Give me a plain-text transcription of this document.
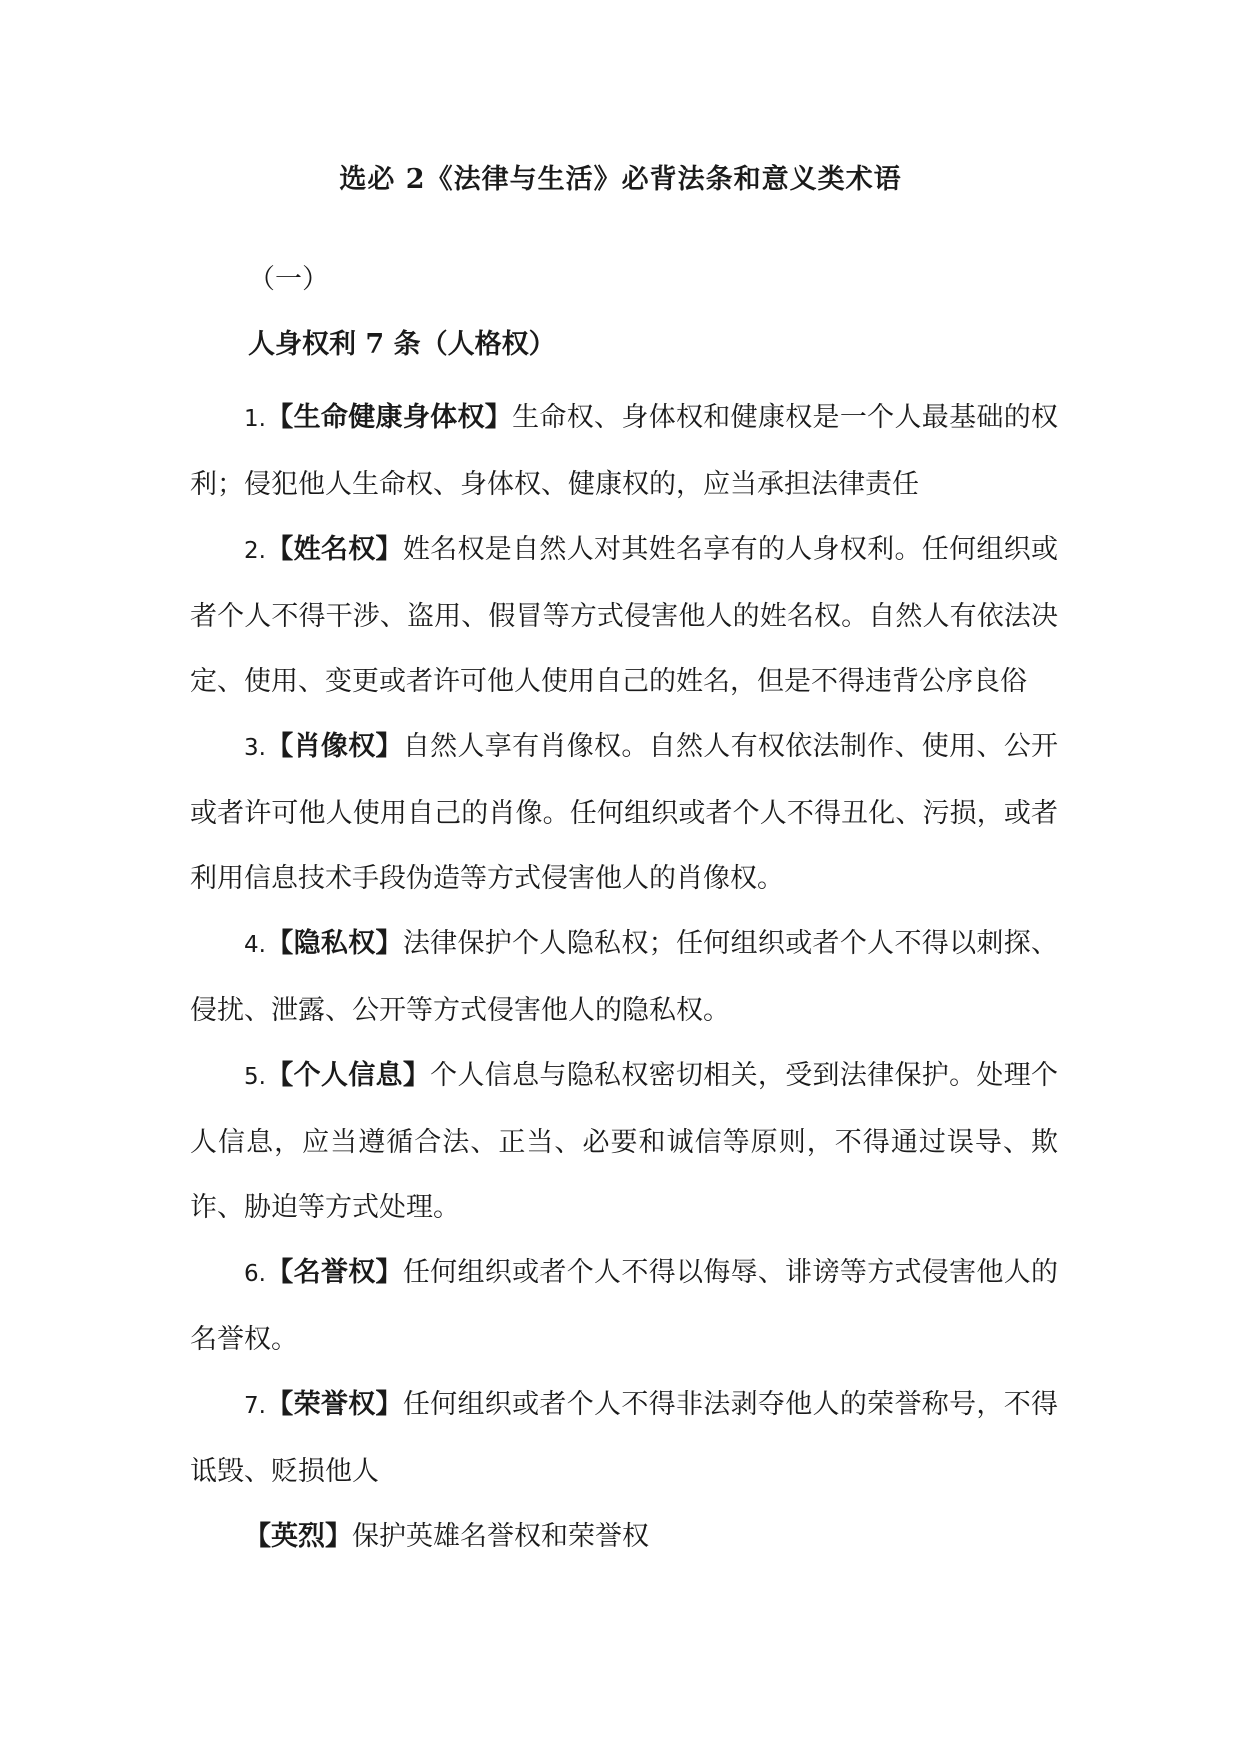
选必 2《法律与生活》必背法条和意义类术语
（一）
人身权利 7 条（人格权）

1.【生命健康身体权】生命权、身体权和健康权是一个人最基础的权利；侵犯他人生命权、身体权、健康权的，应当承担法律责任

2.【姓名权】姓名权是自然人对其姓名享有的人身权利。任何组织或者个人不得干涉、盗用、假冒等方式侵害他人的姓名权。自然人有依法决定、使用、变更或者许可他人使用自己的姓名，但是不得违背公序良俗

3.【肖像权】自然人享有肖像权。自然人有权依法制作、使用、公开或者许可他人使用自己的肖像。任何组织或者个人不得丑化、污损，或者利用信息技术手段伪造等方式侵害他人的肖像权。

4.【隐私权】法律保护个人隐私权；任何组织或者个人不得以刺探、侵扰、泄露、公开等方式侵害他人的隐私权。

5.【个人信息】个人信息与隐私权密切相关，受到法律保护。处理个人信息，应当遵循合法、正当、必要和诚信等原则，不得通过误导、欺诈、胁迫等方式处理。

6.【名誉权】任何组织或者个人不得以侮辱、诽谤等方式侵害他人的名誉权。

7.【荣誉权】任何组织或者个人不得非法剥夺他人的荣誉称号，不得诋毁、贬损他人

【英烈】保护英雄名誉权和荣誉权
